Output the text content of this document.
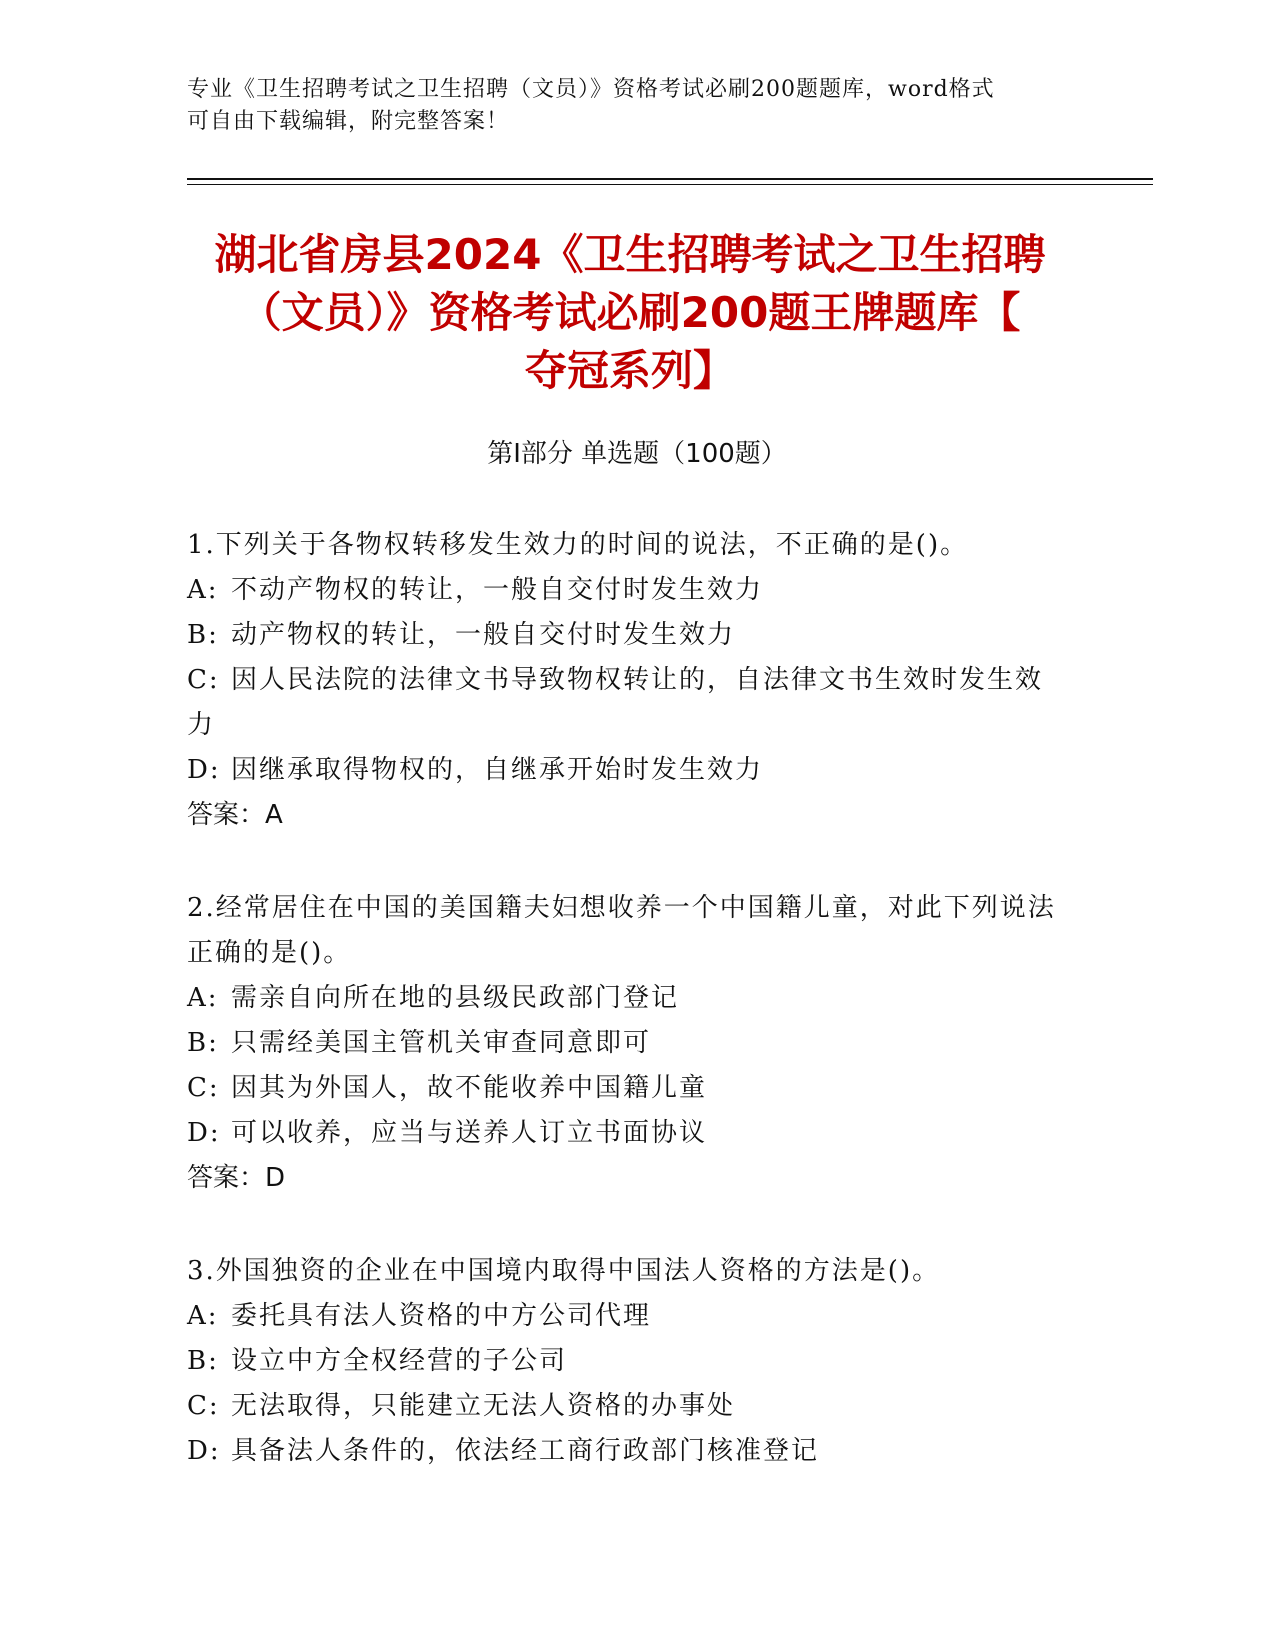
专业《卫生招聘考试之卫生招聘（文员）》资格考试必刷200题题库，word格式
可自由下载编辑，附完整答案！
湖北省房县2024《卫生招聘考试之卫生招聘
（文员）》资格考试必刷200题王牌题库【
夺冠系列】
第Ⅰ部分 单选题（100题）
1.下列关于各物权转移发生效力的时间的说法，不正确的是()。
A: 不动产物权的转让，一般自交付时发生效力
B: 动产物权的转让，一般自交付时发生效力
C: 因人民法院的法律文书导致物权转让的，自法律文书生效时发生效力
D: 因继承取得物权的，自继承开始时发生效力
答案：A
2.经常居住在中国的美国籍夫妇想收养一个中国籍儿童，对此下列说法正确的是()。
A: 需亲自向所在地的县级民政部门登记
B: 只需经美国主管机关审查同意即可
C: 因其为外国人，故不能收养中国籍儿童
D: 可以收养，应当与送养人订立书面协议
答案：D
3.外国独资的企业在中国境内取得中国法人资格的方法是()。
A: 委托具有法人资格的中方公司代理
B: 设立中方全权经营的子公司
C: 无法取得，只能建立无法人资格的办事处
D: 具备法人条件的，依法经工商行政部门核准登记
